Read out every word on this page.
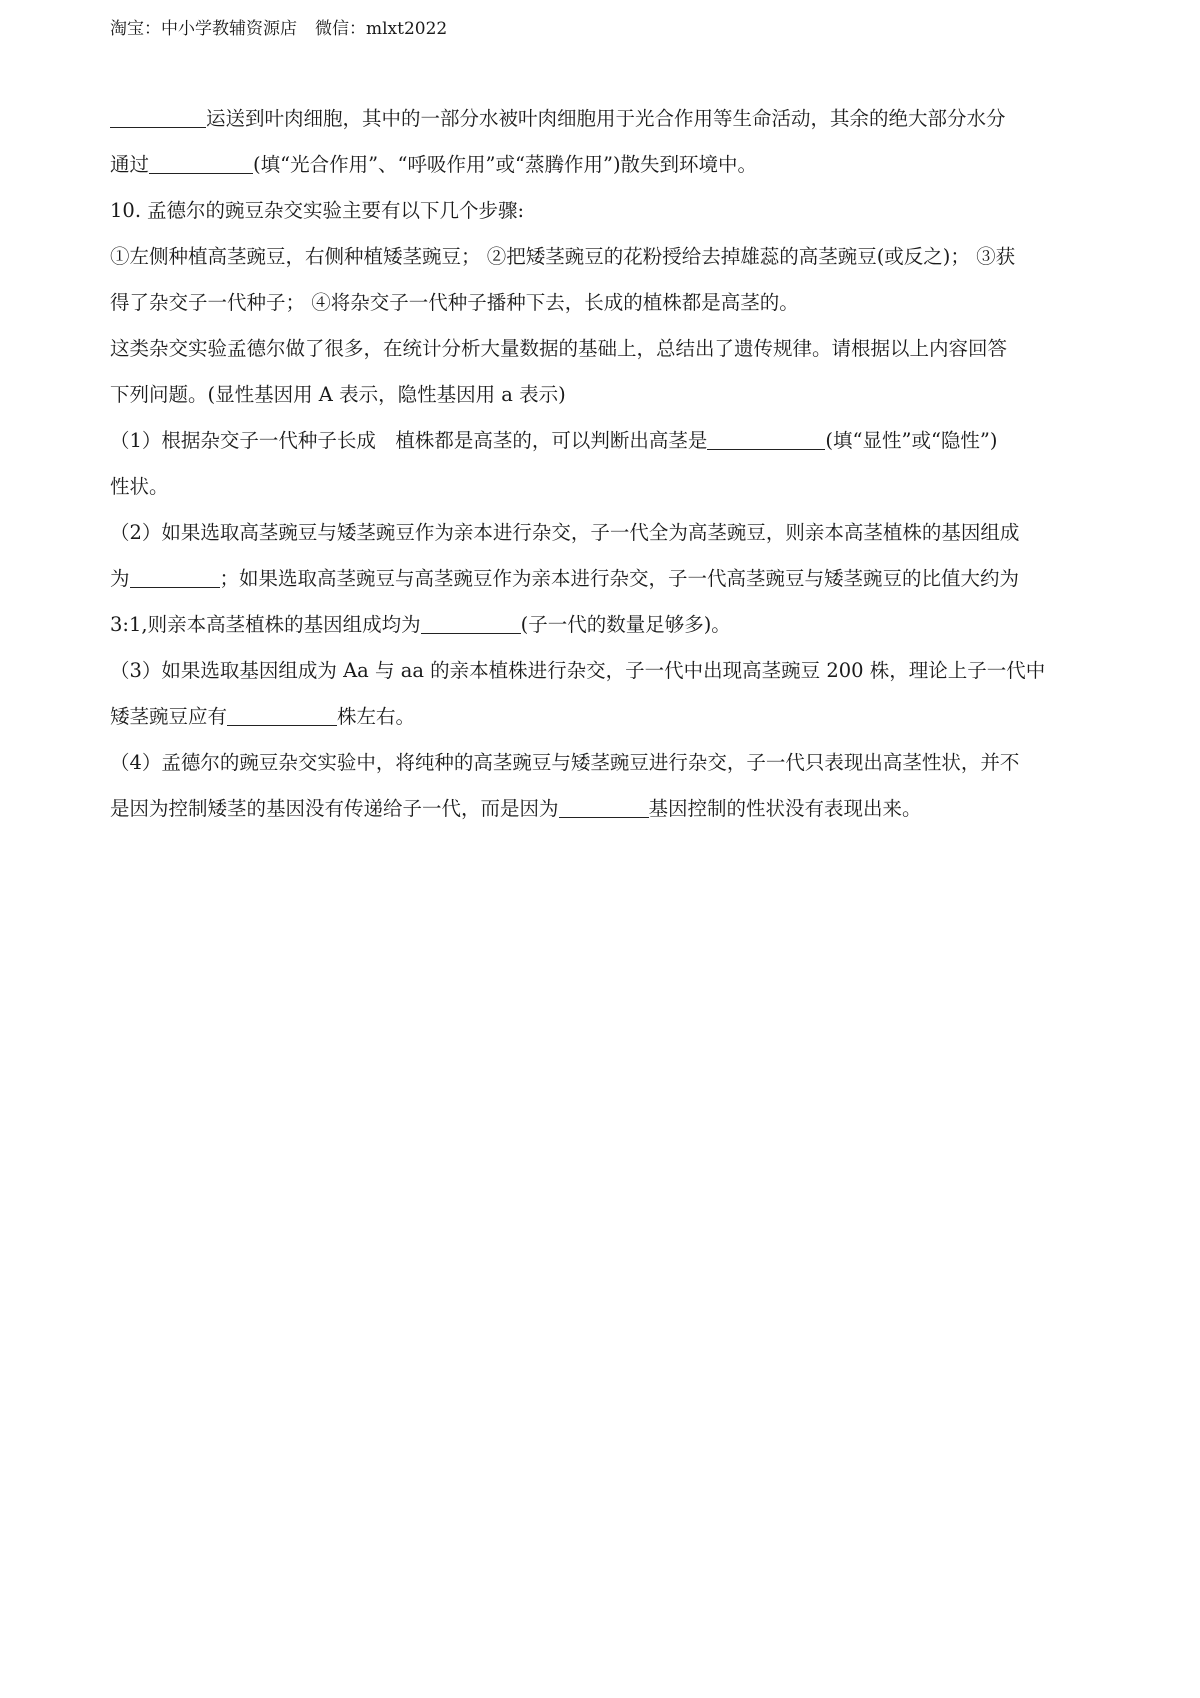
淘宝：中小学教辅资源店 微信：mlxt2022
运送到叶肉细胞，其中的一部分水被叶肉细胞用于光合作用等生命活动，其余的绝大部分水分
通过	(填“光合作用”、“呼吸作用”或“蒸腾作用”)散失到环境中。
10. 孟德尔的豌豆杂交实验主要有以下几个步骤:
①左侧种植高茎豌豆，右侧种植矮茎豌豆； ②把矮茎豌豆的花粉授给去掉雄蕊的高茎豌豆(或反之)； ③获
得了杂交子一代种子； ④将杂交子一代种子播种下去，长成的植株都是高茎的。
这类杂交实验孟德尔做了很多，在统计分析大量数据的基础上，总结出了遗传规律。请根据以上内容回答
下列问题。(显性基因用 A 表示，隐性基因用 a 表示)
（1）根据杂交子一代种子长成　植株都是高茎的，可以判断出高茎是	(填“显性”或“隐性”)
性状。
（2）如果选取高茎豌豆与矮茎豌豆作为亲本进行杂交，子一代全为高茎豌豆，则亲本高茎植株的基因组成
为	；如果选取高茎豌豆与高茎豌豆作为亲本进行杂交，子一代高茎豌豆与矮茎豌豆的比值大约为
3:1,则亲本高茎植株的基因组成均为	(子一代的数量足够多)。
（3）如果选取基因组成为 Aa 与 aa 的亲本植株进行杂交，子一代中出现高茎豌豆 200 株，理论上子一代中
矮茎豌豆应有	株左右。
（4）孟德尔的豌豆杂交实验中，将纯种的高茎豌豆与矮茎豌豆进行杂交，子一代只表现出高茎性状，并不
是因为控制矮茎的基因没有传递给子一代，而是因为	基因控制的性状没有表现出来。
